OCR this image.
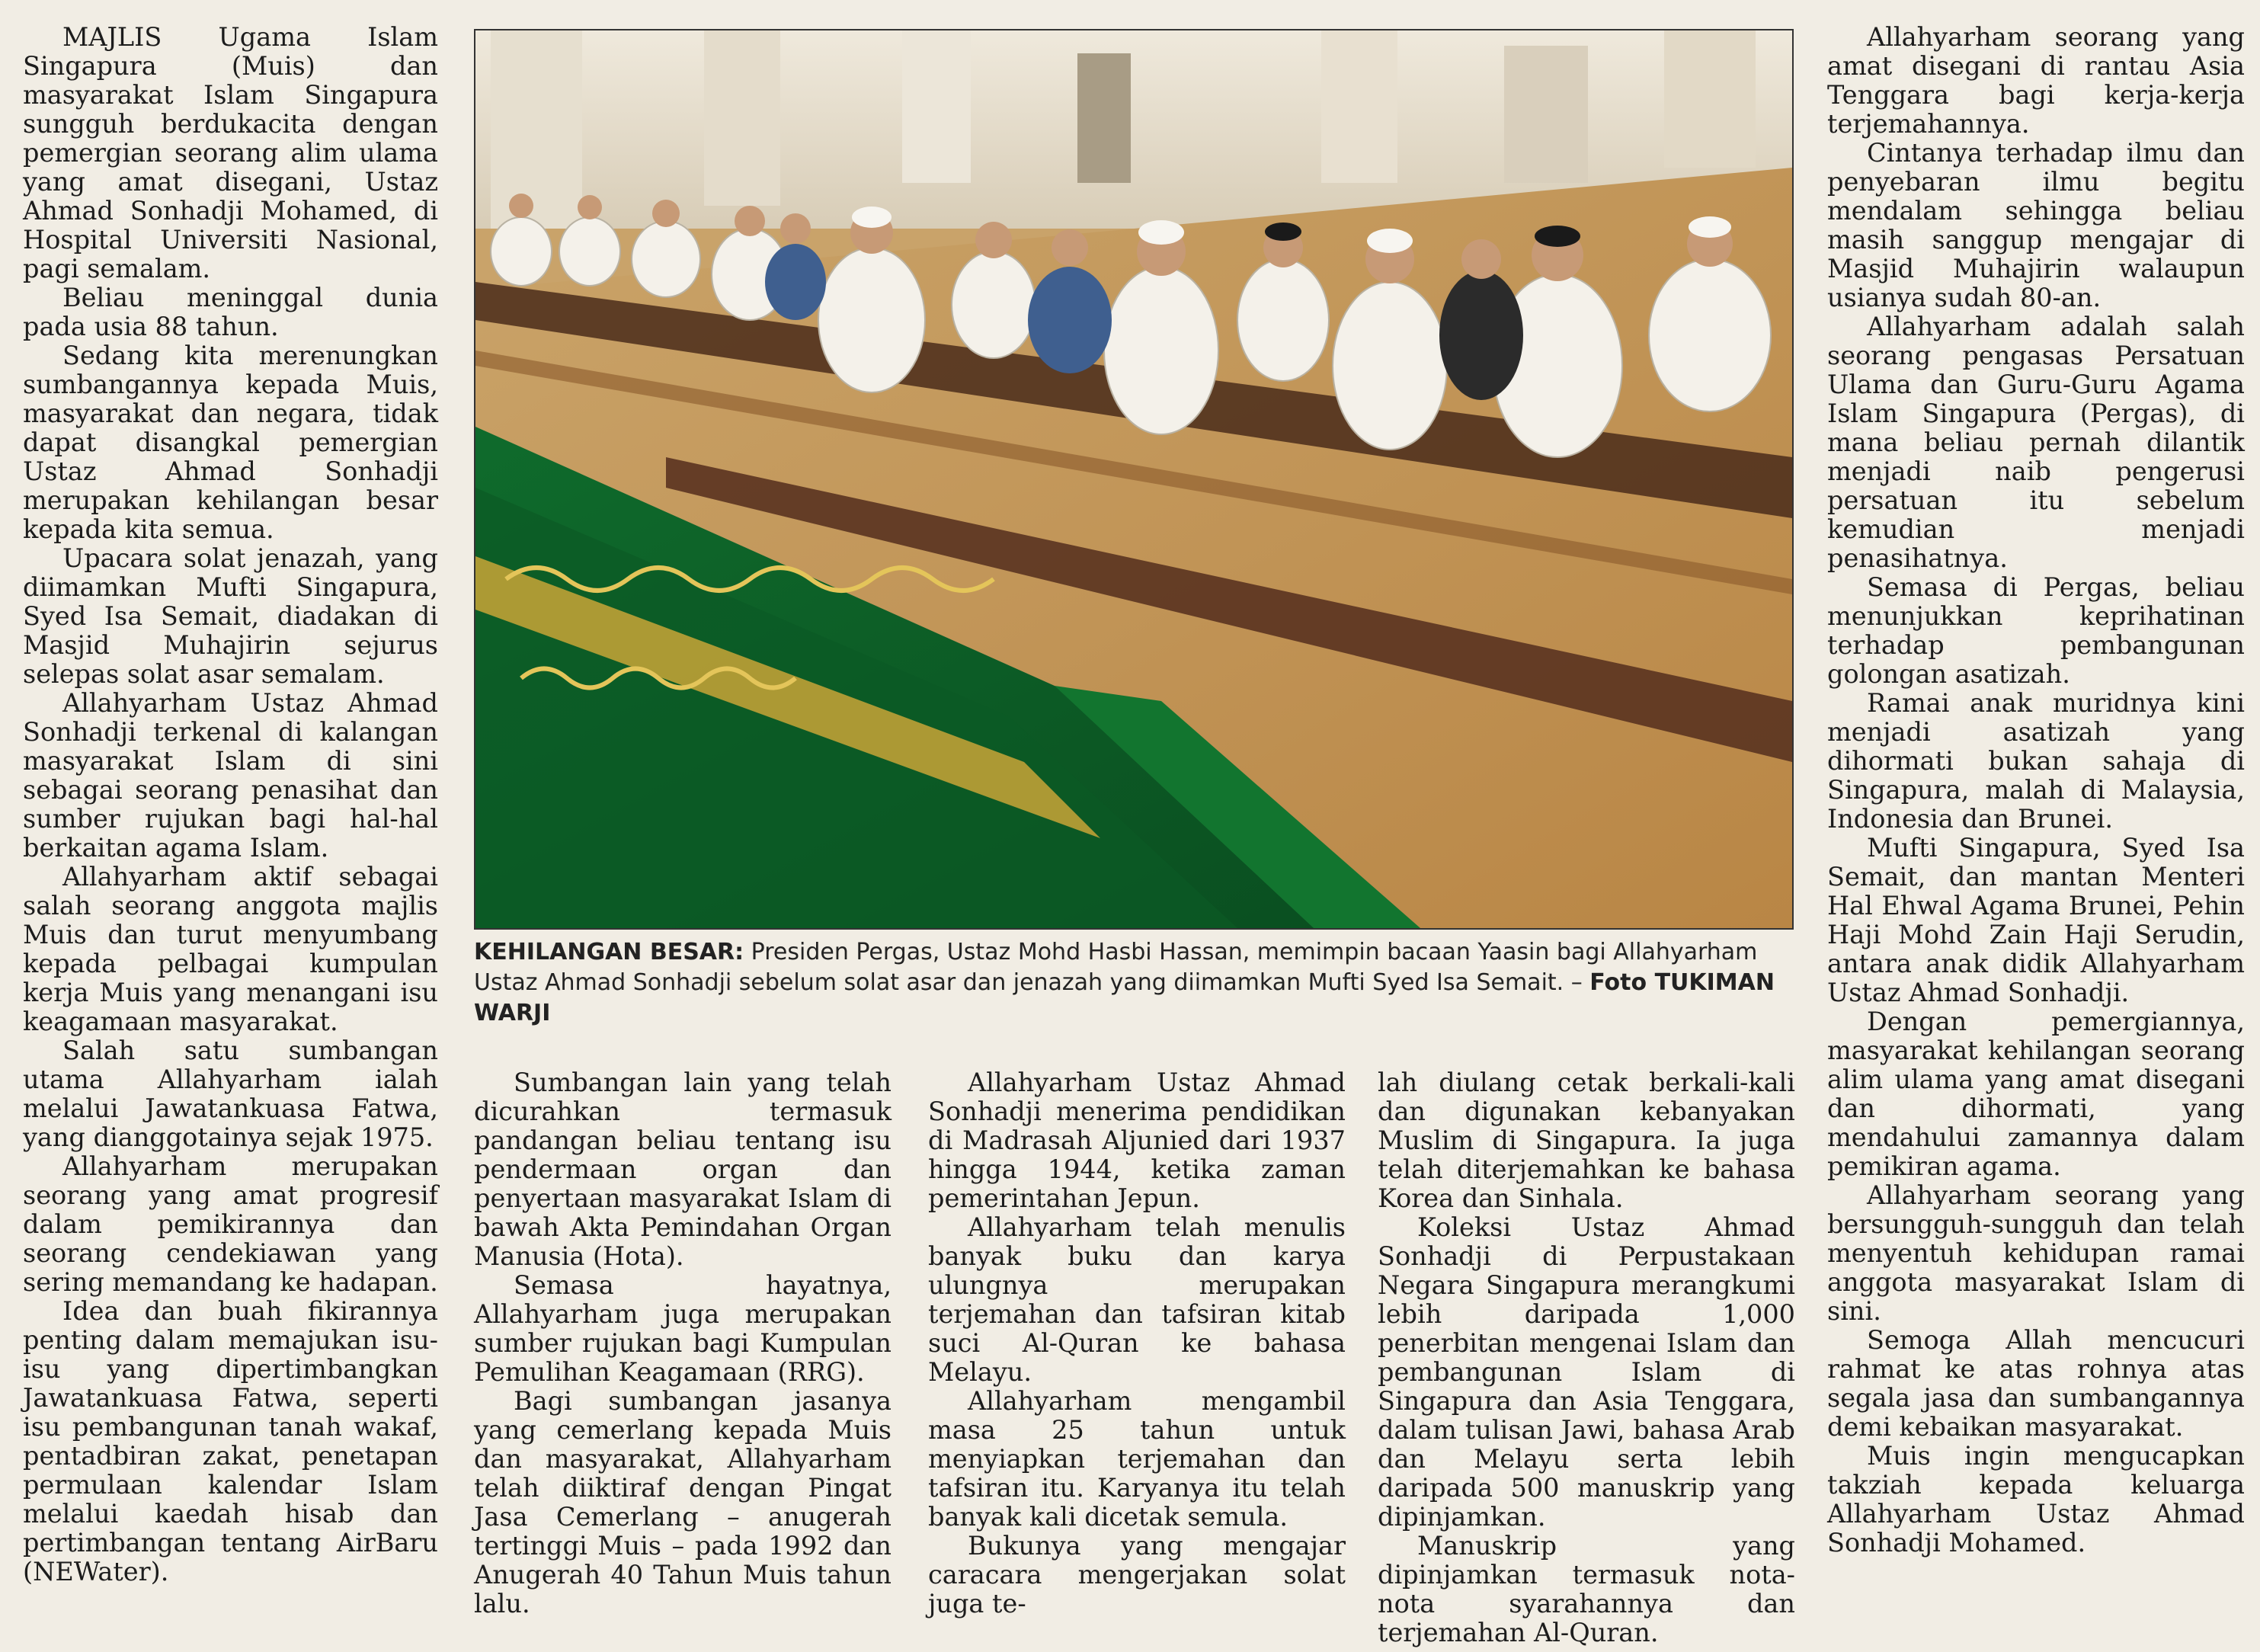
MAJLIS Ugama Islam Singapura (Muis) dan masyarakat Islam Singapura sungguh berdukacita dengan pemergian seorang alim ulama yang amat disegani, Ustaz Ahmad Sonhadji Mohamed, di Hospital Universiti Nasional, pagi semalam.

Beliau meninggal dunia pada usia 88 tahun.

Sedang kita merenungkan sumbangannya kepada Muis, masyarakat dan negara, tidak dapat disangkal pemergian Ustaz Ahmad Sonhadji merupakan kehilangan besar kepada kita semua.

Upacara solat jenazah, yang diimamkan Mufti Singapura, Syed Isa Semait, diadakan di Masjid Muhajirin sejurus selepas solat asar semalam.

Allahyarham Ustaz Ahmad Sonhadji terkenal di kalangan masyarakat Islam di sini sebagai seorang penasihat dan sumber rujukan bagi hal-hal berkaitan agama Islam.

Allahyarham aktif sebagai salah seorang anggota majlis Muis dan turut menyumbang kepada pelbagai kumpulan kerja Muis yang menangani isu keagamaan masyarakat.

Salah satu sumbangan utama Allahyarham ialah melalui Jawatankuasa Fatwa, yang dianggotainya sejak 1975.

Allahyarham merupakan seorang yang amat progresif dalam pemikirannya dan seorang cendekiawan yang sering memandang ke hadapan.

Idea dan buah fikirannya penting dalam memajukan isu-isu yang dipertimbangkan Jawatankuasa Fatwa, seperti isu pembangunan tanah wakaf, pentadbiran zakat, penetapan permulaan kalendar Islam melalui kaedah hisab dan pertimbangan tentang AirBaru (NEWater).

KEHILANGAN BESAR: Presiden Pergas, Ustaz Mohd Hasbi Hassan, memimpin bacaan Yaasin bagi Allahyarham Ustaz Ahmad Sonhadji sebelum solat asar dan jenazah yang diimamkan Mufti Syed Isa Semait. – Foto TUKIMAN WARJI

Sumbangan lain yang telah dicurahkan termasuk pandangan beliau tentang isu pendermaan organ dan penyertaan masyarakat Islam di bawah Akta Pemindahan Organ Manusia (Hota).

Semasa hayatnya, Allahyarham juga merupakan sumber rujukan bagi Kumpulan Pemulihan Keagamaan (RRG).

Bagi sumbangan jasanya yang cemerlang kepada Muis dan masyarakat, Allahyarham telah diiktiraf dengan Pingat Jasa Cemerlang – anugerah tertinggi Muis – pada 1992 dan Anugerah 40 Tahun Muis tahun lalu.

Allahyarham Ustaz Ahmad Sonhadji menerima pendidikan di Madrasah Aljunied dari 1937 hingga 1944, ketika zaman pemerintahan Jepun.

Allahyarham telah menulis banyak buku dan karya ulungnya merupakan terjemahan dan tafsiran kitab suci Al-Quran ke bahasa Melayu.

Allahyarham mengambil masa 25 tahun untuk menyiapkan terjemahan dan tafsiran itu. Karyanya itu telah banyak kali dicetak semula.

Bukunya yang mengajar caracara mengerjakan solat juga te-

lah diulang cetak berkali-kali dan digunakan kebanyakan Muslim di Singapura. Ia juga telah diterjemahkan ke bahasa Korea dan Sinhala.

Koleksi Ustaz Ahmad Sonhadji di Perpustakaan Negara Singapura merangkumi lebih daripada 1,000 penerbitan mengenai Islam dan pembangunan Islam di Singapura dan Asia Tenggara, dalam tulisan Jawi, bahasa Arab dan Melayu serta lebih daripada 500 manuskrip yang dipinjamkan.

Manuskrip yang dipinjamkan termasuk nota-nota syarahannya dan terjemahan Al-Quran.

Allahyarham seorang yang amat disegani di rantau Asia Tenggara bagi kerja-kerja terjemahannya.

Cintanya terhadap ilmu dan penyebaran ilmu begitu mendalam sehingga beliau masih sanggup mengajar di Masjid Muhajirin walaupun usianya sudah 80-an.

Allahyarham adalah salah seorang pengasas Persatuan Ulama dan Guru-Guru Agama Islam Singapura (Pergas), di mana beliau pernah dilantik menjadi naib pengerusi persatuan itu sebelum kemudian menjadi penasihatnya.

Semasa di Pergas, beliau menunjukkan keprihatinan terhadap pembangunan golongan asatizah.

Ramai anak muridnya kini menjadi asatizah yang dihormati bukan sahaja di Singapura, malah di Malaysia, Indonesia dan Brunei.

Mufti Singapura, Syed Isa Semait, dan mantan Menteri Hal Ehwal Agama Brunei, Pehin Haji Mohd Zain Haji Serudin, antara anak didik Allahyarham Ustaz Ahmad Sonhadji.

Dengan pemergiannya, masyarakat kehilangan seorang alim ulama yang amat disegani dan dihormati, yang mendahului zamannya dalam pemikiran agama.

Allahyarham seorang yang bersungguh-sungguh dan telah menyentuh kehidupan ramai anggota masyarakat Islam di sini.

Semoga Allah mencucuri rahmat ke atas rohnya atas segala jasa dan sumbangannya demi kebaikan masyarakat.

Muis ingin mengucapkan takziah kepada keluarga Allahyarham Ustaz Ahmad Sonhadji Mohamed.
